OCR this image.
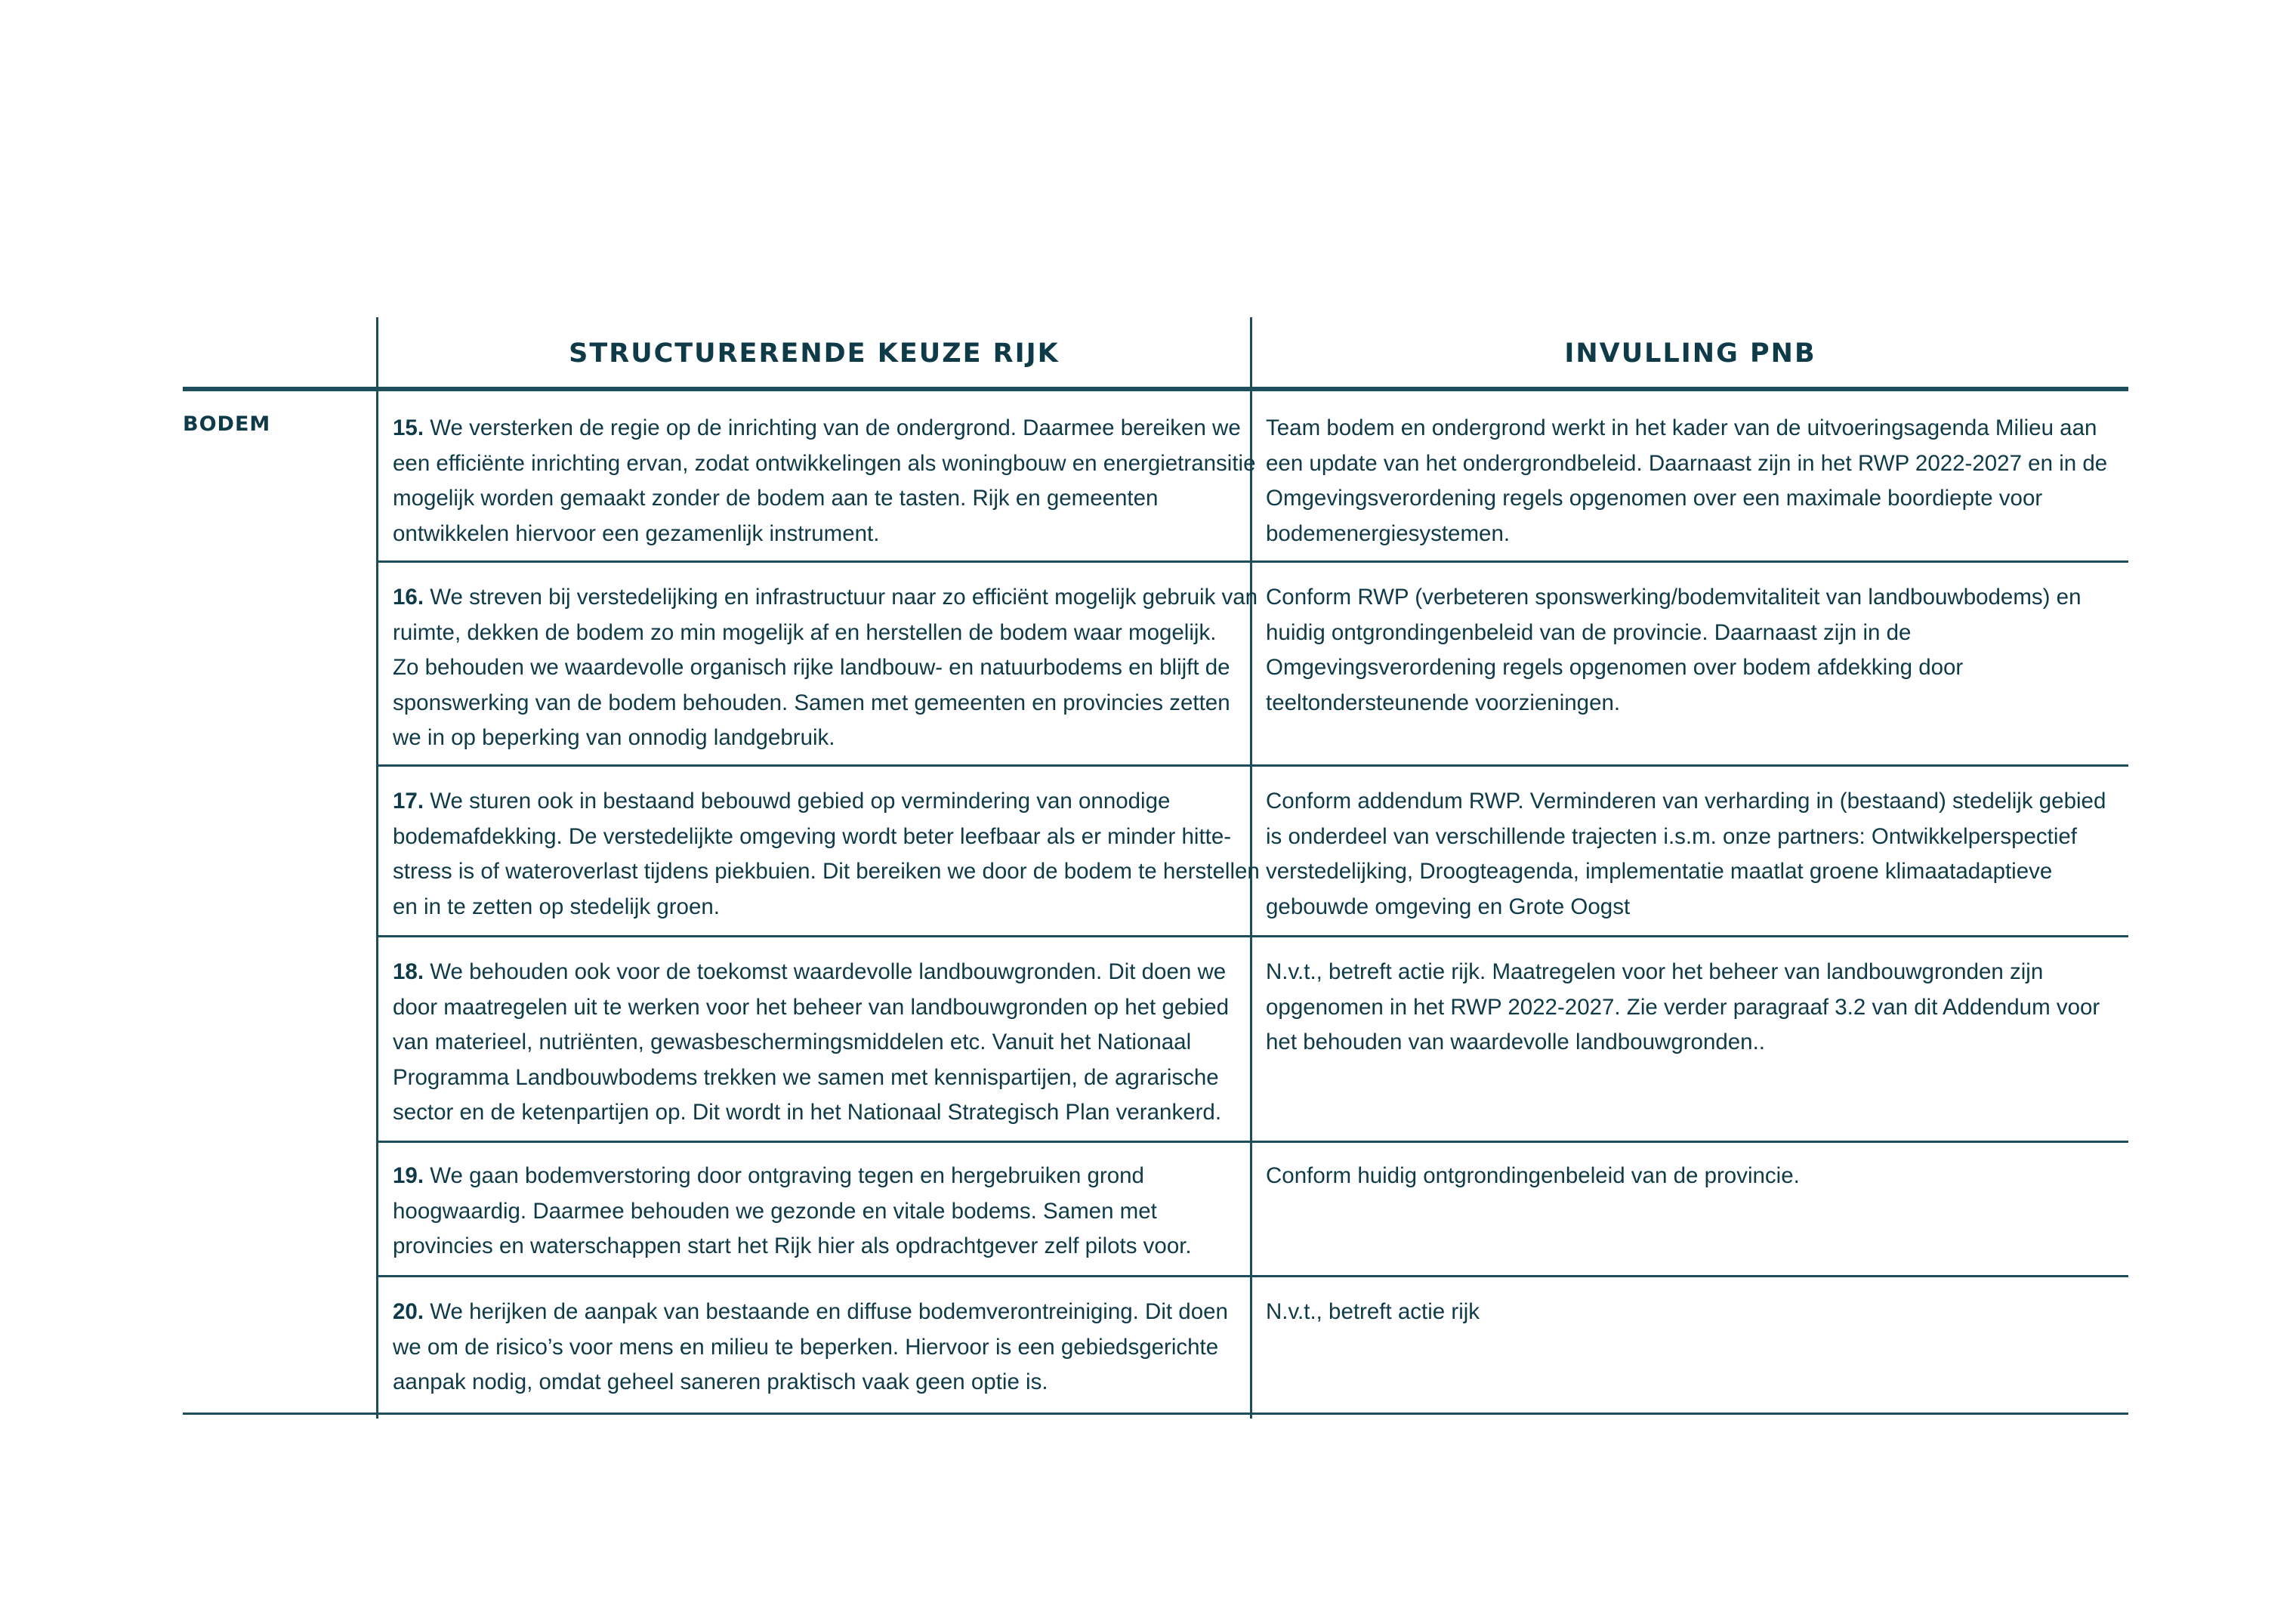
STRUCTURERENDE KEUZE RIJK	INVULLING PNB
BODEM	15. We versterken de regie op de inrichting van de ondergrond. Daarmee bereiken we een efficiënte inrichting ervan, zodat ontwikkelingen als woningbouw en energietransitie mogelijk worden gemaakt zonder de bodem aan te tasten. Rijk en gemeenten ontwikkelen hiervoor een gezamenlijk instrument.
Team bodem en ondergrond werkt in het kader van de uitvoeringsagenda Milieu aan een update van het ondergrondbeleid. Daarnaast zijn in het RWP 2022-2027 en in de Omgevingsverordening regels opgenomen over een maximale boordiepte voor bodemenergiesystemen.
16. We streven bij verstedelijking en infrastructuur naar zo efficiënt mogelijk gebruik van ruimte, dekken de bodem zo min mogelijk af en herstellen de bodem waar mogelijk.
Zo behouden we waardevolle organisch rijke landbouw- en natuurbodems en blijft de sponswerking van de bodem behouden. Samen met gemeenten en provincies zetten we in op beperking van onnodig landgebruik.
Conform RWP (verbeteren sponswerking/bodemvitaliteit van landbouwbodems) en huidig ontgrondingenbeleid van de provincie. Daarnaast zijn in de Omgevingsverordening regels opgenomen over bodem afdekking door teeltondersteunende voorzieningen.
17. We sturen ook in bestaand bebouwd gebied op vermindering van onnodige bodemafdekking. De verstedelijkte omgeving wordt beter leefbaar als er minder hitte-stress is of wateroverlast tijdens piekbuien. Dit bereiken we door de bodem te herstellen en in te zetten op stedelijk groen.
Conform addendum RWP. Verminderen van verharding in (bestaand) stedelijk gebied is onderdeel van verschillende trajecten i.s.m. onze partners: Ontwikkelperspectief verstedelijking, Droogteagenda, implementatie maatlat groene klimaatadaptieve gebouwde omgeving en Grote Oogst
18. We behouden ook voor de toekomst waardevolle landbouwgronden. Dit doen we door maatregelen uit te werken voor het beheer van landbouwgronden op het gebied van materieel, nutriënten, gewasbeschermingsmiddelen etc. Vanuit het Nationaal Programma Landbouwbodems trekken we samen met kennispartijen, de agrarische sector en de ketenpartijen op. Dit wordt in het Nationaal Strategisch Plan verankerd.
N.v.t., betreft actie rijk. Maatregelen voor het beheer van landbouwgronden zijn opgenomen in het RWP 2022-2027. Zie verder paragraaf 3.2 van dit Addendum voor het behouden van waardevolle landbouwgronden..
19. We gaan bodemverstoring door ontgraving tegen en hergebruiken grond hoogwaardig. Daarmee behouden we gezonde en vitale bodems. Samen met provincies en waterschappen start het Rijk hier als opdrachtgever zelf pilots voor.
Conform huidig ontgrondingenbeleid van de provincie.
20. We herijken de aanpak van bestaande en diffuse bodemverontreiniging. Dit doen we om de risico’s voor mens en milieu te beperken. Hiervoor is een gebiedsgerichte aanpak nodig, omdat geheel saneren praktisch vaak geen optie is.
N.v.t., betreft actie rijk
